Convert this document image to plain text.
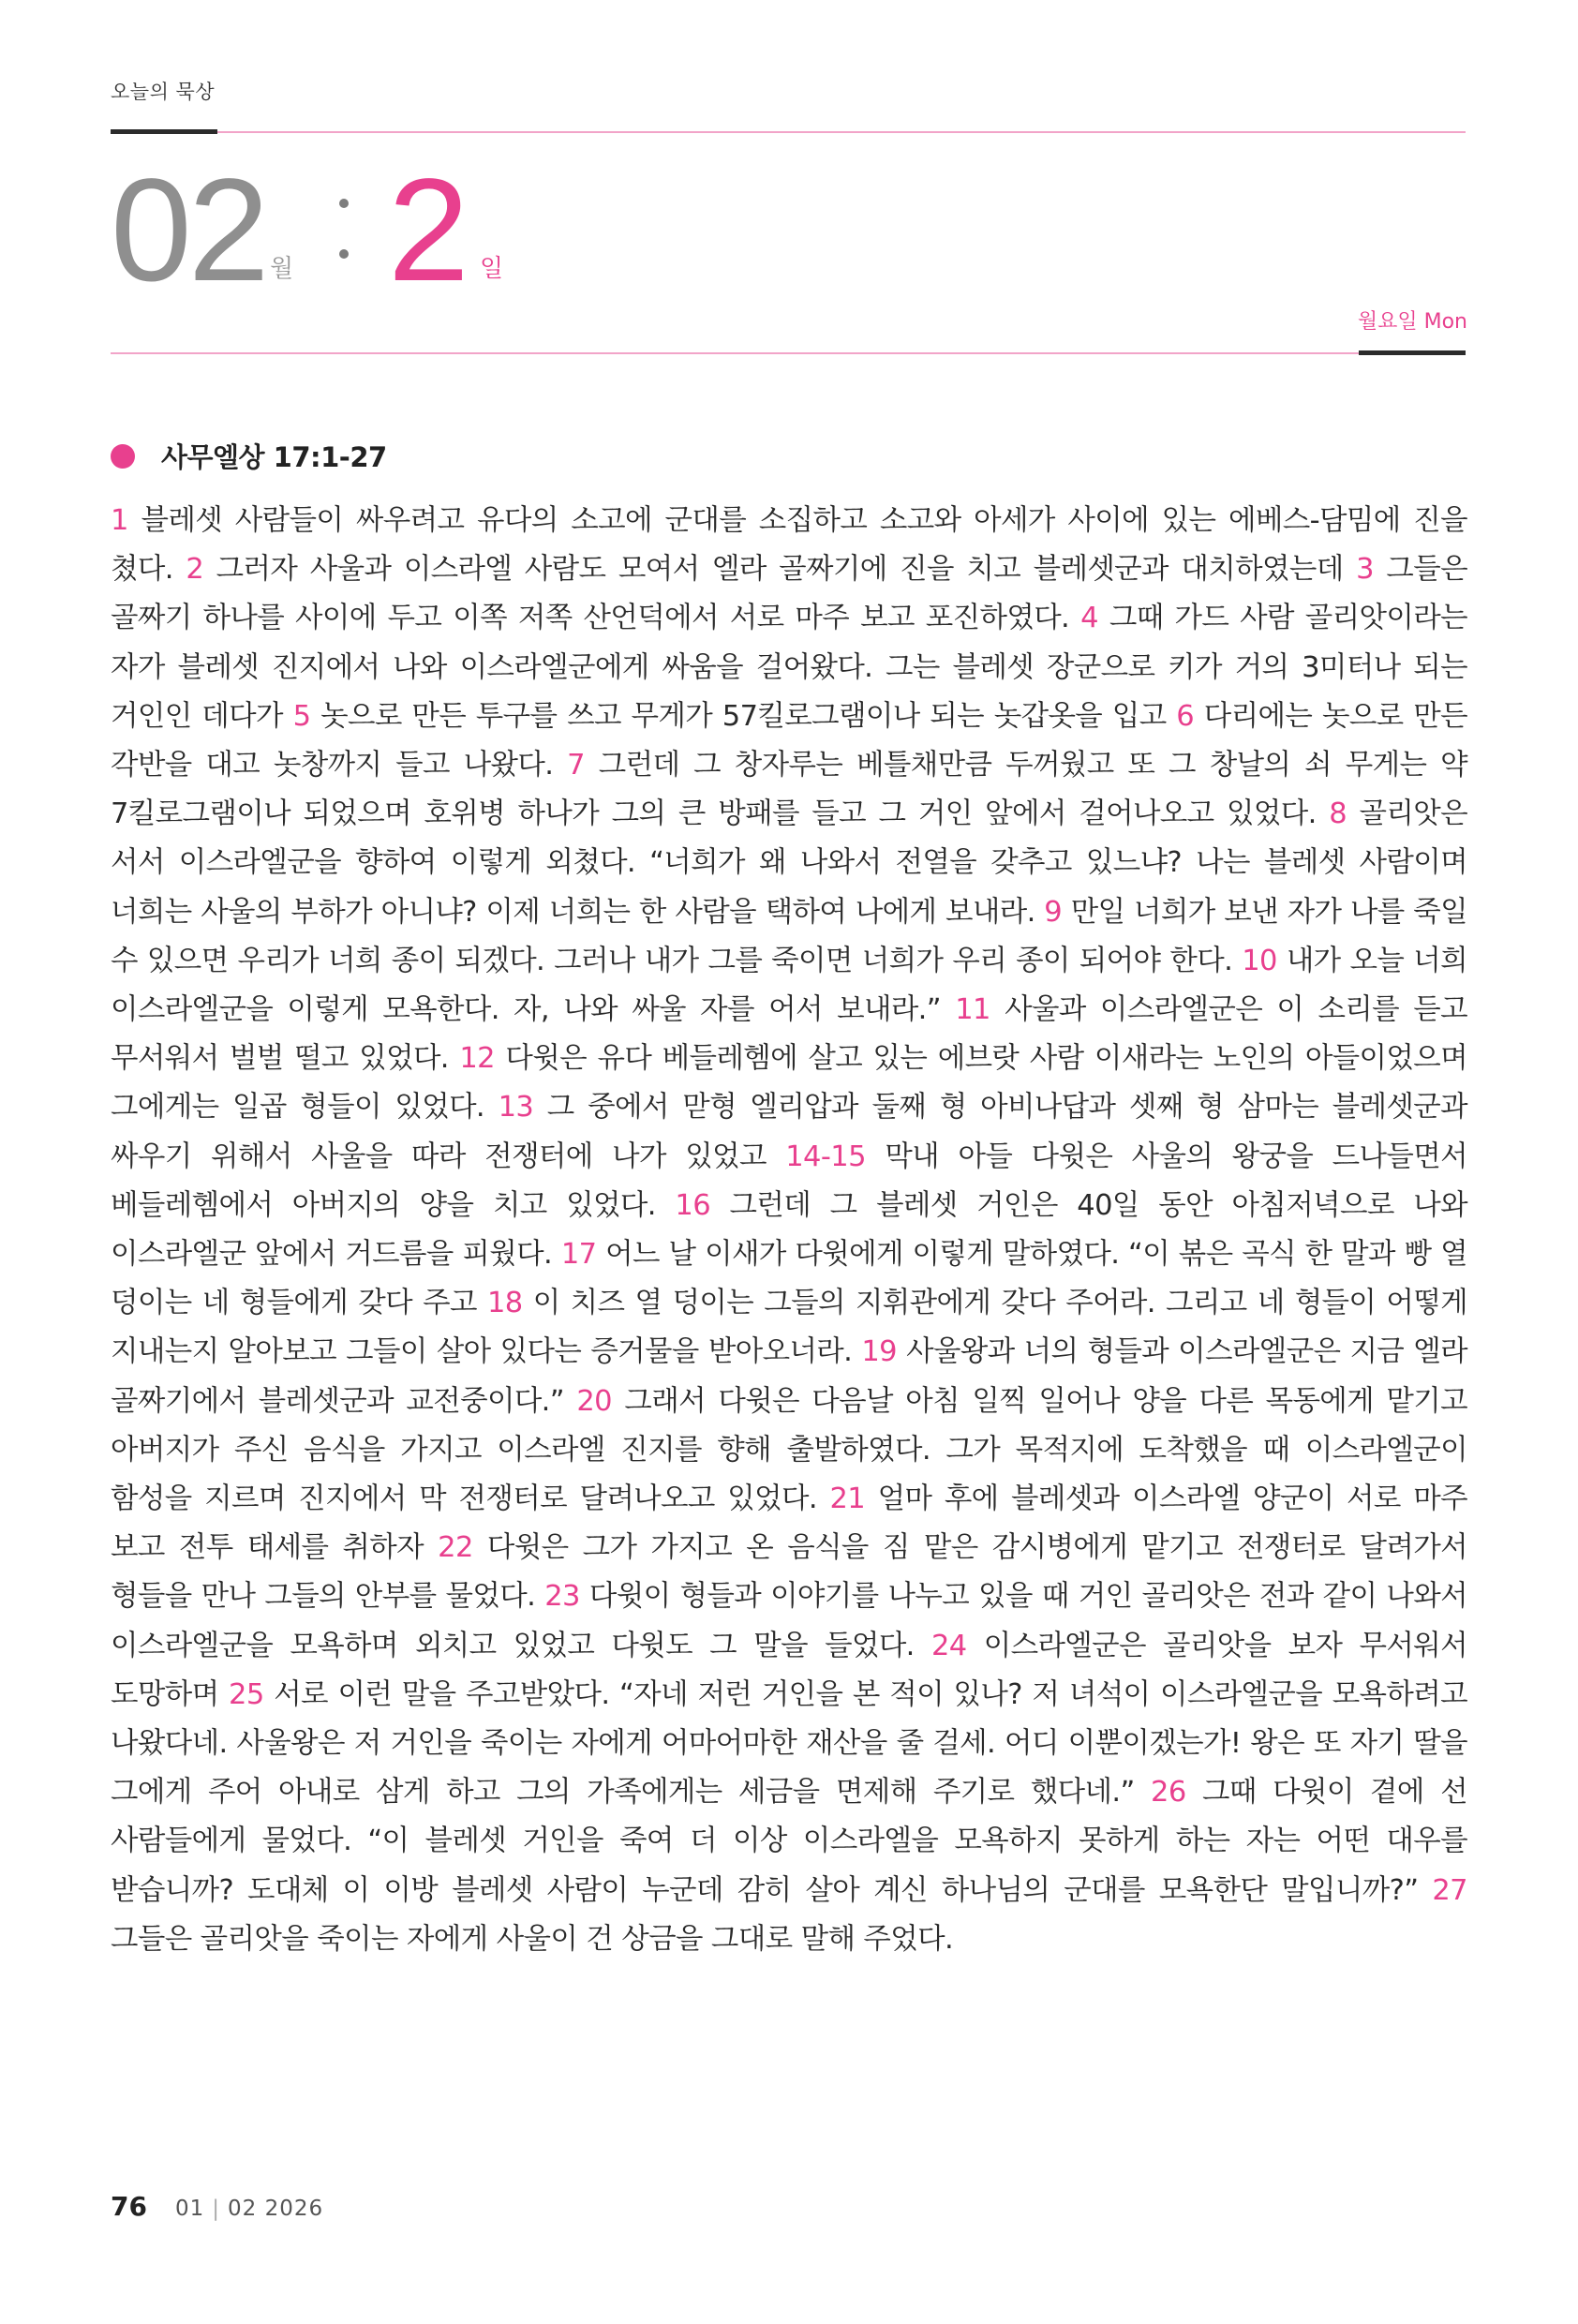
오늘의 묵상
02 월 2 일
월요일 Mon
사무엘상 17:1-27
1 블레셋 사람들이 싸우려고 유다의 소고에 군대를 소집하고 소고와 아세가 사이에 있는 에베스-담밈에 진을 쳤다. 2 그러자 사울과 이스라엘 사람도 모여서 엘라 골짜기에 진을 치고 블레셋군과 대치하였는데 3 그들은 골짜기 하나를 사이에 두고 이쪽 저쪽 산언덕에서 서로 마주 보고 포진하였다. 4 그때 가드 사람 골리앗이라는 자가 블레셋 진지에서 나와 이스라엘군에게 싸움을 걸어왔다. 그는 블레셋 장군으로 키가 거의 3미터나 되는 거인인 데다가 5 놋으로 만든 투구를 쓰고 무게가 57킬로그램이나 되는 놋갑옷을 입고 6 다리에는 놋으로 만든 각반을 대고 놋창까지 들고 나왔다. 7 그런데 그 창자루는 베틀채만큼 두꺼웠고 또 그 창날의 쇠 무게는 약 7킬로그램이나 되었으며 호위병 하나가 그의 큰 방패를 들고 그 거인 앞에서 걸어나오고 있었다. 8 골리앗은 서서 이스라엘군을 향하여 이렇게 외쳤다. “너희가 왜 나와서 전열을 갖추고 있느냐? 나는 블레셋 사람이며 너희는 사울의 부하가 아니냐? 이제 너희는 한 사람을 택하여 나에게 보내라. 9 만일 너희가 보낸 자가 나를 죽일 수 있으면 우리가 너희 종이 되겠다. 그러나 내가 그를 죽이면 너희가 우리 종이 되어야 한다. 10 내가 오늘 너희 이스라엘군을 이렇게 모욕한다. 자, 나와 싸울 자를 어서 보내라.” 11 사울과 이스라엘군은 이 소리를 듣고 무서워서 벌벌 떨고 있었다. 12 다윗은 유다 베들레헴에 살고 있는 에브랏 사람 이새라는 노인의 아들이었으며 그에게는 일곱 형들이 있었다. 13 그 중에서 맏형 엘리압과 둘째 형 아비나답과 셋째 형 삼마는 블레셋군과 싸우기 위해서 사울을 따라 전쟁터에 나가 있었고 14-15 막내 아들 다윗은 사울의 왕궁을 드나들면서 베들레헴에서 아버지의 양을 치고 있었다. 16 그런데 그 블레셋 거인은 40일 동안 아침저녁으로 나와 이스라엘군 앞에서 거드름을 피웠다. 17 어느 날 이새가 다윗에게 이렇게 말하였다. “이 볶은 곡식 한 말과 빵 열 덩이는 네 형들에게 갖다 주고 18 이 치즈 열 덩이는 그들의 지휘관에게 갖다 주어라. 그리고 네 형들이 어떻게 지내는지 알아보고 그들이 살아 있다는 증거물을 받아오너라. 19 사울왕과 너의 형들과 이스라엘군은 지금 엘라 골짜기에서 블레셋군과 교전중이다.” 20 그래서 다윗은 다음날 아침 일찍 일어나 양을 다른 목동에게 맡기고 아버지가 주신 음식을 가지고 이스라엘 진지를 향해 출발하였다. 그가 목적지에 도착했을 때 이스라엘군이 함성을 지르며 진지에서 막 전쟁터로 달려나오고 있었다. 21 얼마 후에 블레셋과 이스라엘 양군이 서로 마주 보고 전투 태세를 취하자 22 다윗은 그가 가지고 온 음식을 짐 맡은 감시병에게 맡기고 전쟁터로 달려가서 형들을 만나 그들의 안부를 물었다. 23 다윗이 형들과 이야기를 나누고 있을 때 거인 골리앗은 전과 같이 나와서 이스라엘군을 모욕하며 외치고 있었고 다윗도 그 말을 들었다. 24 이스라엘군은 골리앗을 보자 무서워서 도망하며 25 서로 이런 말을 주고받았다. “자네 저런 거인을 본 적이 있나? 저 녀석이 이스라엘군을 모욕하려고 나왔다네. 사울왕은 저 거인을 죽이는 자에게 어마어마한 재산을 줄 걸세. 어디 이뿐이겠는가! 왕은 또 자기 딸을 그에게 주어 아내로 삼게 하고 그의 가족에게는 세금을 면제해 주기로 했다네.” 26 그때 다윗이 곁에 선 사람들에게 물었다. “이 블레셋 거인을 죽여 더 이상 이스라엘을 모욕하지 못하게 하는 자는 어떤 대우를 받습니까? 도대체 이 이방 블레셋 사람이 누군데 감히 살아 계신 하나님의 군대를 모욕한단 말입니까?” 27 그들은 골리앗을 죽이는 자에게 사울이 건 상금을 그대로 말해 주었다.
76 01 | 02 2026
